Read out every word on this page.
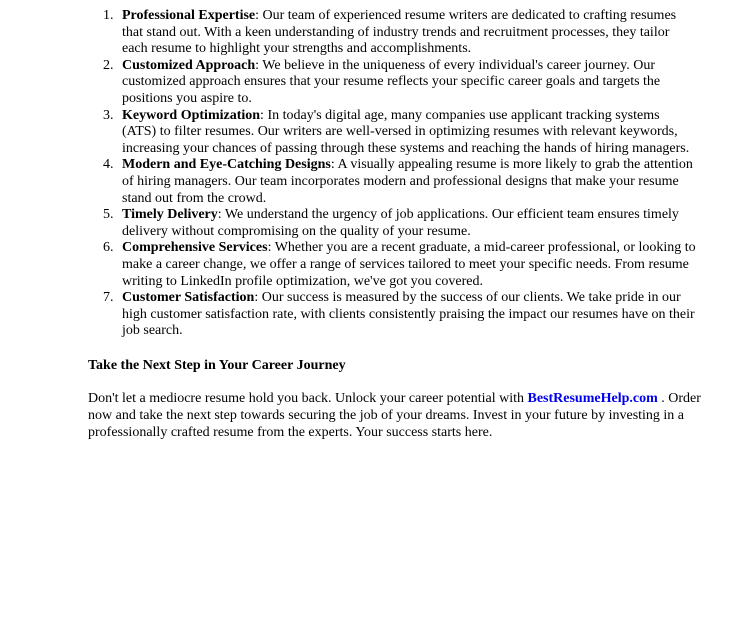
1. Professional Expertise: Our team of experienced resume writers are dedicated to crafting resumes that stand out. With a keen understanding of industry trends and recruitment processes, they tailor each resume to highlight your strengths and accomplishments.
2. Customized Approach: We believe in the uniqueness of every individual's career journey. Our customized approach ensures that your resume reflects your specific career goals and targets the positions you aspire to.
3. Keyword Optimization: In today's digital age, many companies use applicant tracking systems (ATS) to filter resumes. Our writers are well-versed in optimizing resumes with relevant keywords, increasing your chances of passing through these systems and reaching the hands of hiring managers.
4. Modern and Eye-Catching Designs: A visually appealing resume is more likely to grab the attention of hiring managers. Our team incorporates modern and professional designs that make your resume stand out from the crowd.
5. Timely Delivery: We understand the urgency of job applications. Our efficient team ensures timely delivery without compromising on the quality of your resume.
6. Comprehensive Services: Whether you are a recent graduate, a mid-career professional, or looking to make a career change, we offer a range of services tailored to meet your specific needs. From resume writing to LinkedIn profile optimization, we've got you covered.
7. Customer Satisfaction: Our success is measured by the success of our clients. We take pride in our high customer satisfaction rate, with clients consistently praising the impact our resumes have on their job search.

Take the Next Step in Your Career Journey

Don't let a mediocre resume hold you back. Unlock your career potential with BestResumeHelp.com . Order now and take the next step towards securing the job of your dreams. Invest in your future by investing in a professionally crafted resume from the experts. Your success starts here.
